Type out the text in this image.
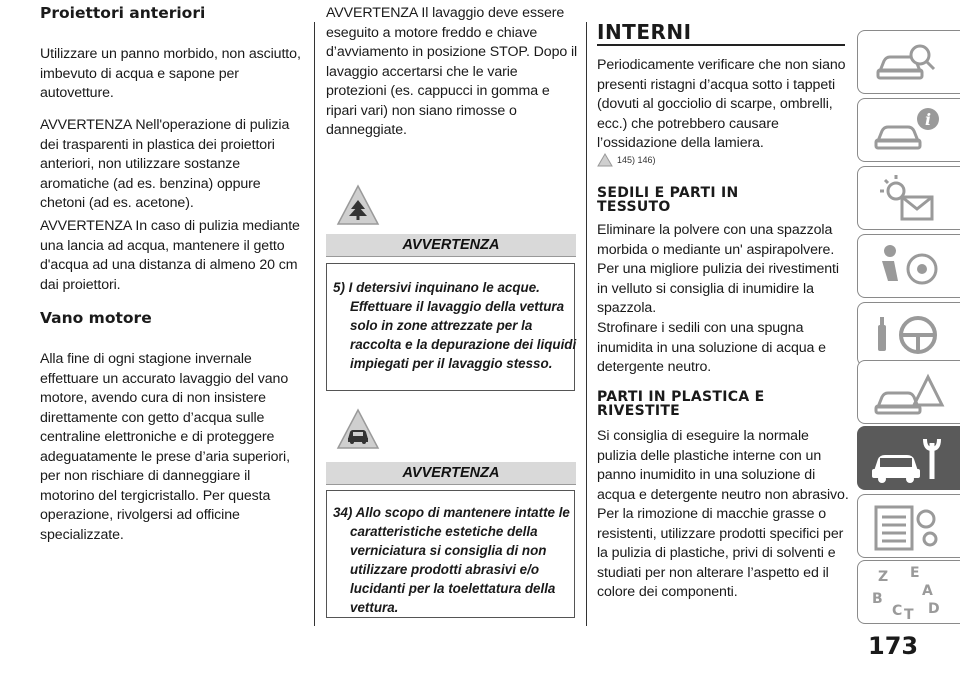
Proiettori anteriori

Utilizzare un panno morbido, non asciutto, imbevuto di acqua e sapone per autovetture.

AVVERTENZA Nell'operazione di pulizia dei trasparenti in plastica dei proiettori anteriori, non utilizzare sostanze aromatiche (ad es. benzina) oppure chetoni (ad es. acetone).

AVVERTENZA In caso di pulizia mediante una lancia ad acqua, mantenere il getto d'acqua ad una distanza di almeno 20 cm dai proiettori.

Vano motore

Alla fine di ogni stagione invernale effettuare un accurato lavaggio del vano motore, avendo cura di non insistere direttamente con getto d’acqua sulle centraline elettroniche e di proteggere adeguatamente le prese d’aria superiori, per non rischiare di danneggiare il motorino del tergicristallo. Per questa operazione, rivolgersi ad officine specializzate.

AVVERTENZA Il lavaggio deve essere eseguito a motore freddo e chiave d’avviamento in posizione STOP. Dopo il lavaggio accertarsi che le varie protezioni (es. cappucci in gomma e ripari vari) non siano rimosse o danneggiate.

AVVERTENZA

5) I detersivi inquinano le acque. Effettuare il lavaggio della vettura solo in zone attrezzate per la raccolta e la depurazione dei liquidi impiegati per il lavaggio stesso.

AVVERTENZA

34) Allo scopo di mantenere intatte le caratteristiche estetiche della verniciatura si consiglia di non utilizzare prodotti abrasivi e/o lucidanti per la toelettatura della vettura.

INTERNI

Periodicamente verificare che non siano presenti ristagni d’acqua sotto i tappeti (dovuti al gocciolio di scarpe, ombrelli, ecc.) che potrebbero causare l’ossidazione della lamiera.

145) 146)
SEDILI E PARTI IN TESSUTO

Eliminare la polvere con una spazzola morbida o mediante un' aspirapolvere. Per una migliore pulizia dei rivestimenti in velluto si consiglia di inumidire la spazzola.

Strofinare i sedili con una spugna inumidita in una soluzione di acqua e detergente neutro.

PARTI IN PLASTICA E RIVESTITE

Si consiglia di eseguire la normale pulizia delle plastiche interne con un panno inumidito in una soluzione di acqua e detergente neutro non abrasivo. Per la rimozione di macchie grasse o resistenti, utilizzare prodotti specifici per la pulizia di plastiche, privi di solventi e studiati per non alterare l’aspetto ed il colore dei componenti.

i
Z E
A
B
C T D
173
